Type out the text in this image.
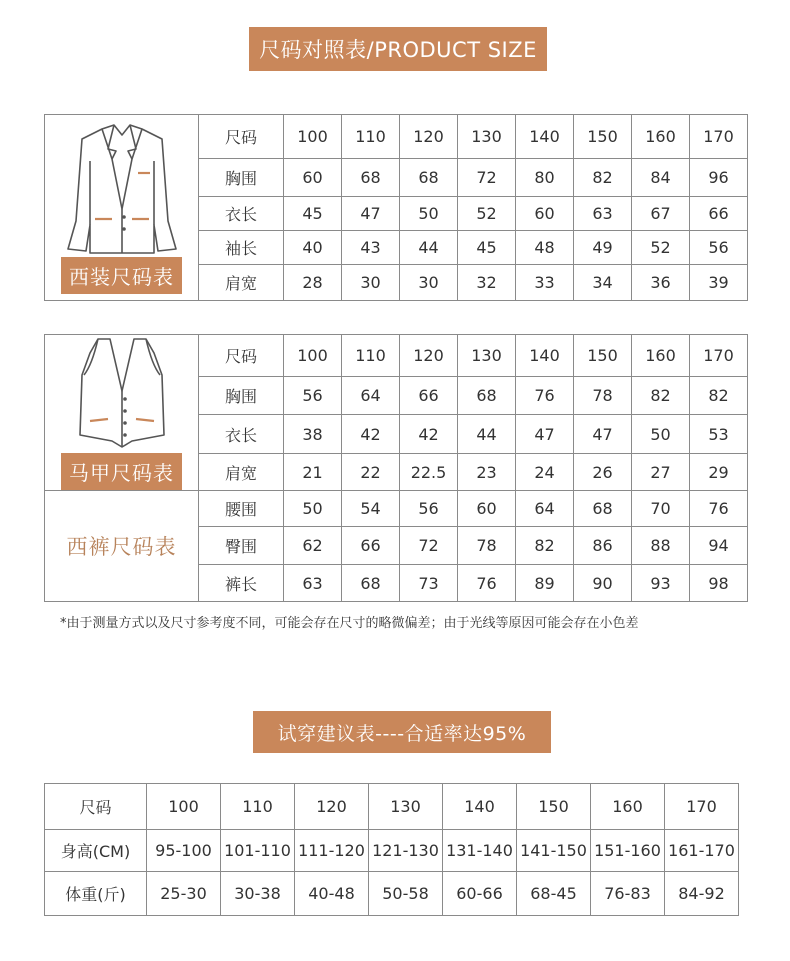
尺码对照表/PRODUCT SIZE
西装尺码表	尺码	100	110	120	130	140	150	160	170
	胸围	60	68	68	72	80	82	84	96
	衣长	45	47	50	52	60	63	67	66
	袖长	40	43	44	45	48	49	52	56
	肩宽	28	30	30	32	33	34	36	39
马甲尺码表	尺码	100	110	120	130	140	150	160	170
	胸围	56	64	66	68	76	78	82	82
	衣长	38	42	42	44	47	47	50	53
	肩宽	21	22	22.5	23	24	26	27	29
西裤尺码表	腰围	50	54	56	60	64	68	70	76
	臀围	62	66	72	78	82	86	88	94
	裤长	63	68	73	76	89	90	93	98
*由于测量方式以及尺寸参考度不同，可能会存在尺寸的略微偏差；由于光线等原因可能会存在小色差
试穿建议表----合适率达95%
尺码	100	110	120	130	140	150	160	170
身高(CM)	95-100	101-110	111-120	121-130	131-140	141-150	151-160	161-170
体重(斤)	25-30	30-38	40-48	50-58	60-66	68-45	76-83	84-92
